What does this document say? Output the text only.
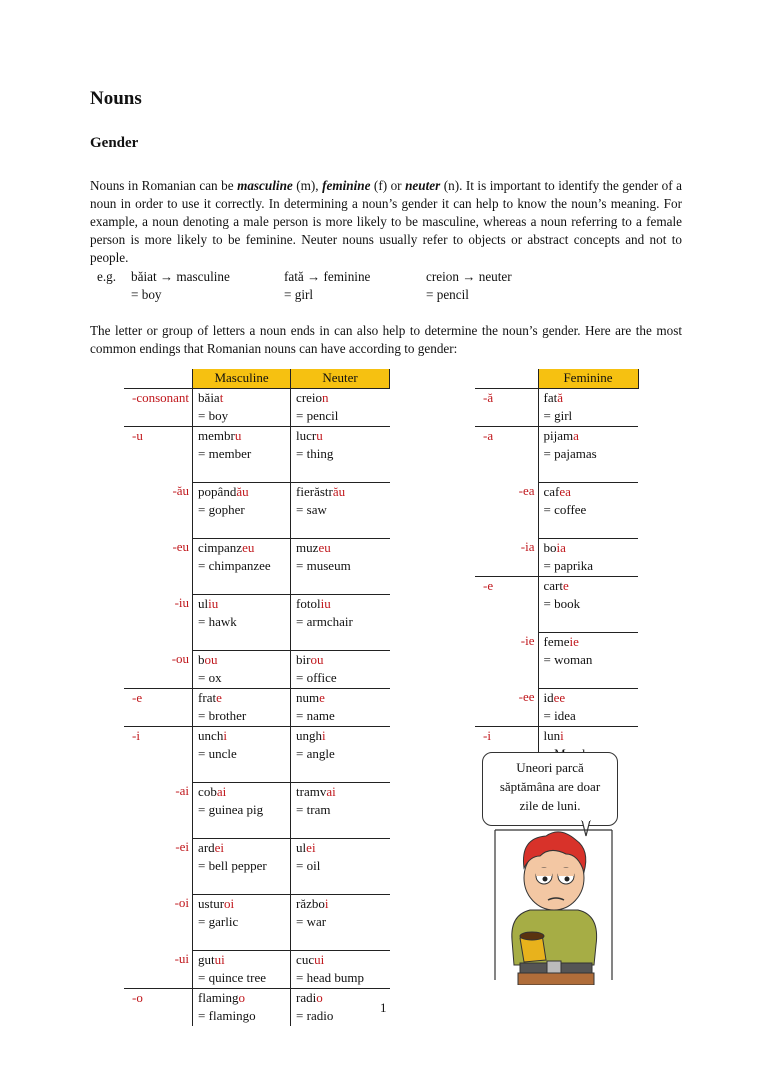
Nouns
Gender

Nouns in Romanian can be masculine (m), feminine (f) or neuter (n). It is important to identify the gender of a noun in order to use it correctly. In determining a noun’s gender it can help to know the noun’s meaning. For example, a noun denoting a male person is more likely to be masculine, whereas a noun referring to a female person is more likely to be feminine. Neuter nouns usually refer to objects or abstract concepts and not to people.

e.g. băiat → masculine
= boy
fată → feminine
= girl
creion → neuter
= pencil

The letter or group of letters a noun ends in can also help to determine the noun’s gender. Here are the most common endings that Romanian nouns can have according to gender:

	Masculine	Neuter
-consonant	băiat	creion
	= boy	= pencil
-u	membru	lucru
	= member	= thing

-ău	popândău	fierăstrău
	= gopher	= saw

-eu	cimpanzeu	muzeu
	= chimpanzee	= museum

-iu	uliu	fotoliu
	= hawk	= armchair

-ou	bou	birou
	= ox	= office
-e	frate	nume
	= brother	= name
-i	unchi	unghi
	= uncle	= angle

-ai	cobai	tramvai
	= guinea pig	= tram

-ei	ardei	ulei
	= bell pepper	= oil

-oi	usturoi	război
	= garlic	= war

-ui	gutui	cucui
	= quince tree	= head bump
-o	flamingo	radio
	= flamingo	= radio
	Feminine
-ă	fată
	= girl
-a	pijama
	= pajamas

-ea	cafea
	= coffee

-ia	boia
	= paprika
-e	carte
	= book

-ie	femeie
	= woman

-ee	idee
	= idea
-i	luni

Uneori parcă
săptămâna are doar
zile de luni.
1
